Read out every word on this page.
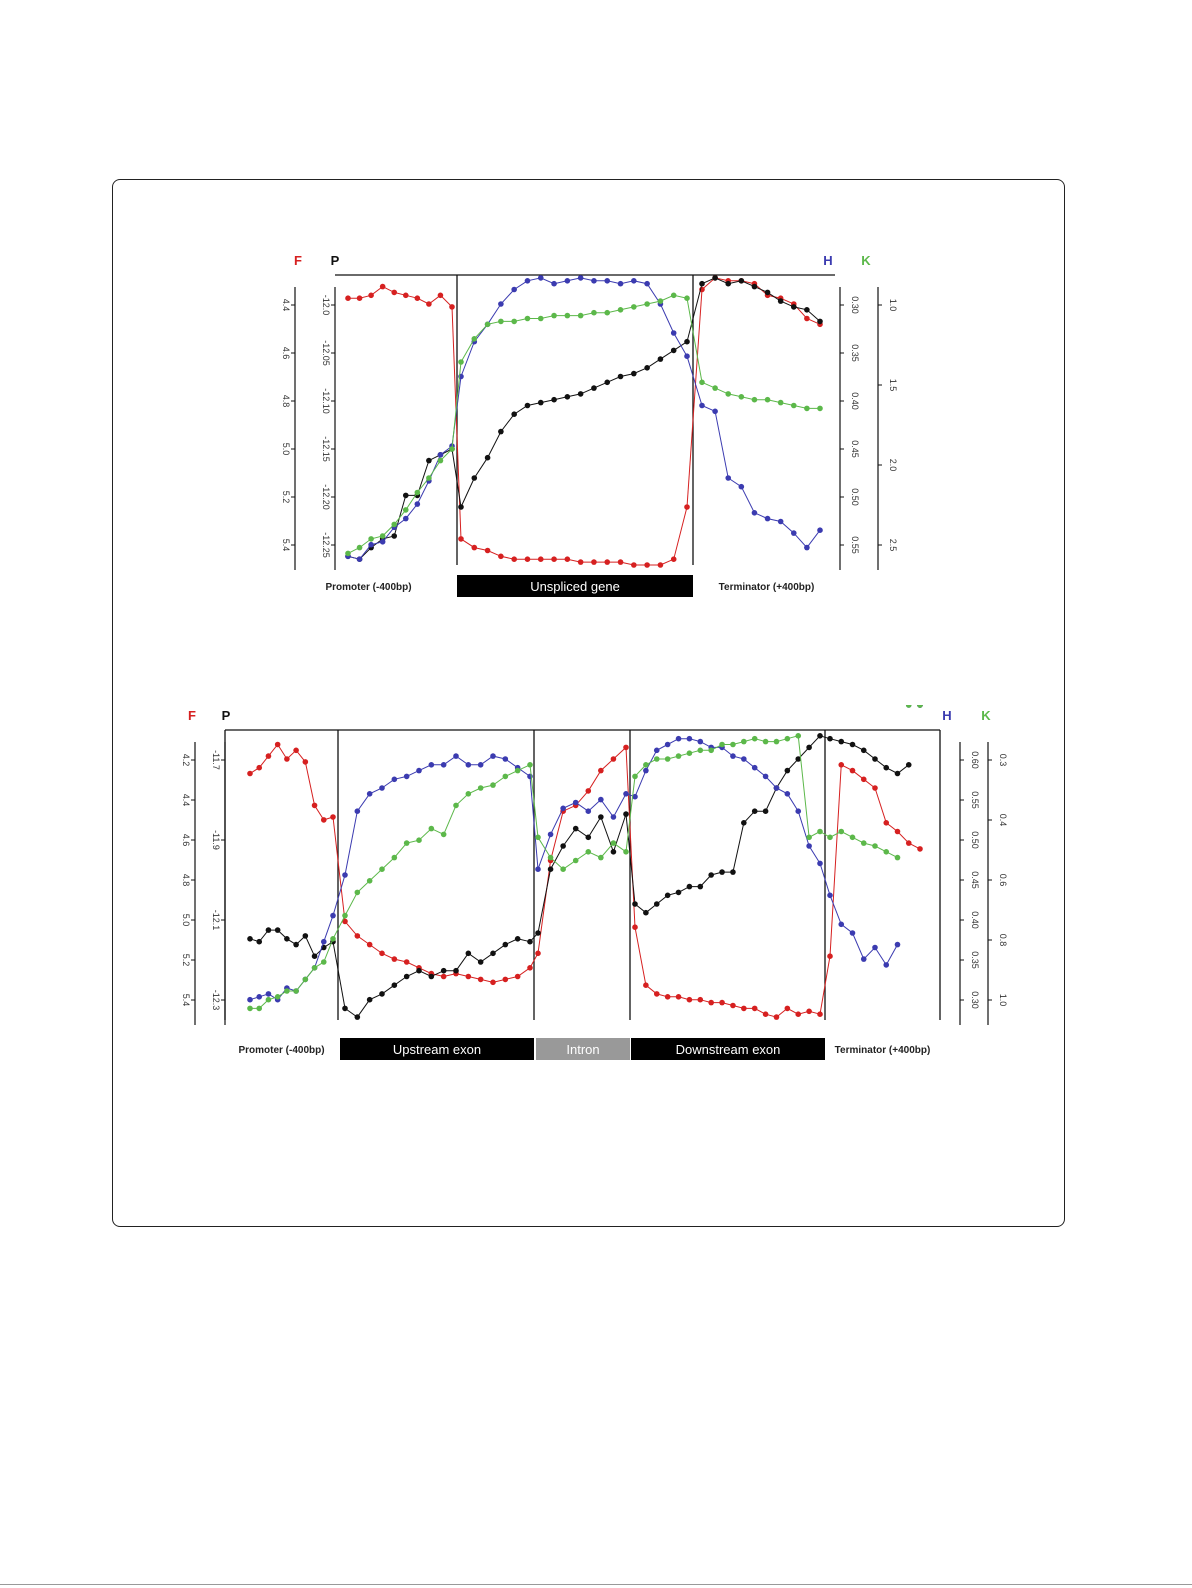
F
4.4
4.6
4.8
5.0
5.2
5.4
P
-12.0
-12.05
-12.10
-12.15
-12.20
-12.25
H
0.30
0.35
0.40
0.45
0.50
0.55
K
1.0
1.5
2.0
2.5
Promoter (-400bp)	Unspliced gene	Terminator (+400bp)
F
4.2
4.4
4.6
4.8
5.0
5.2
5.4
P
-11.7
-11.9
-12.1
-12.3
H
0.60
0.55
0.50
0.45
0.40
0.35
0.30
K
0.3
0.4
0.6
0.8
1.0
Promoter (-400bp)	Upstream exon	Intron	Downstream exon	Terminator (+400bp)
